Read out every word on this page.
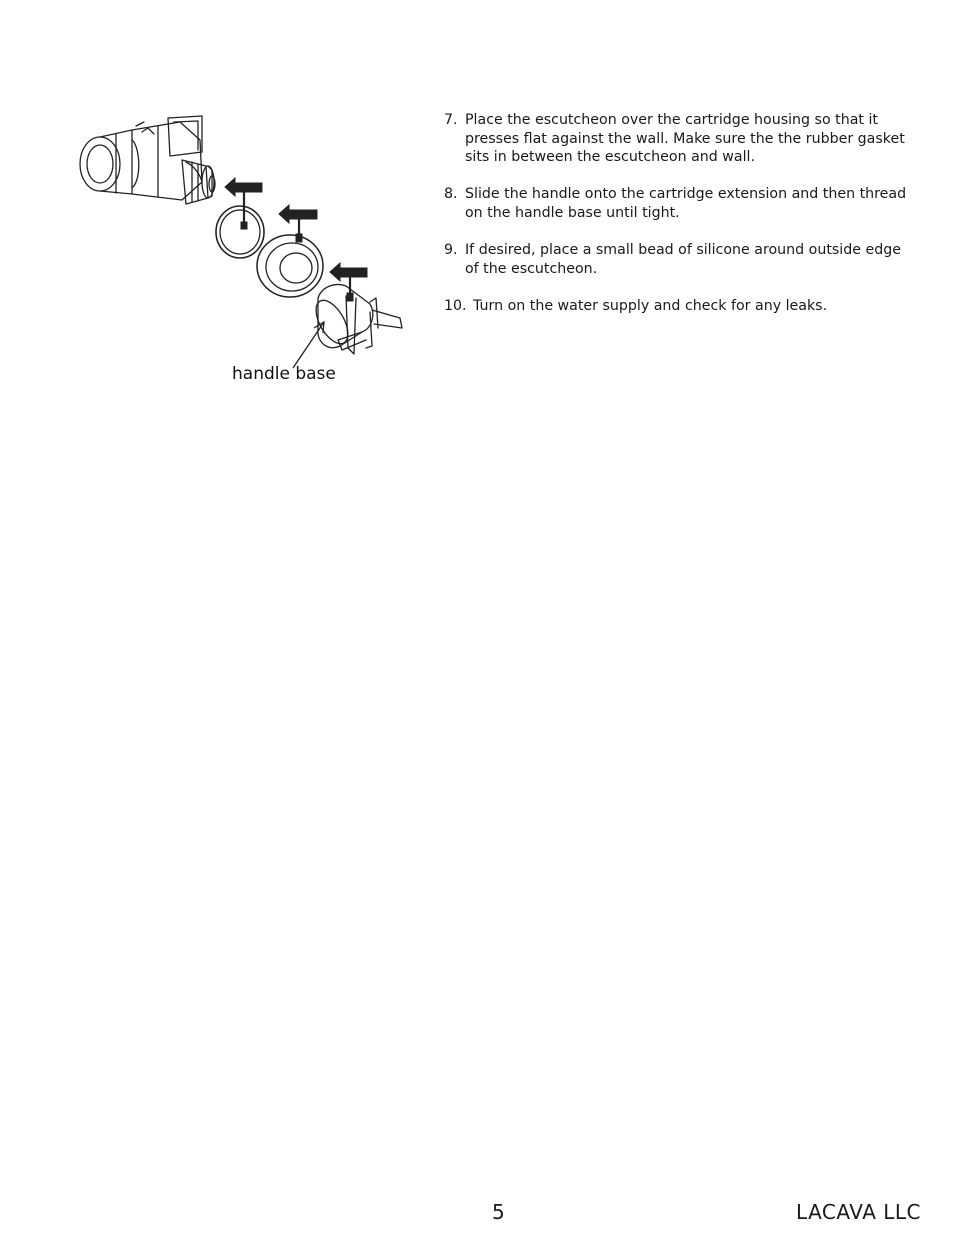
handle base
7. Place the escutcheon over the cartridge housing so that it presses flat against the wall. Make sure the the rubber gasket sits in between the escutcheon and wall.
8. Slide the handle onto the cartridge extension and then thread on the handle base until tight.
9. If desired, place a small bead of silicone around outside edge of the escutcheon.
10. Turn on the water supply and check for any leaks.
5	LACAVA LLC
